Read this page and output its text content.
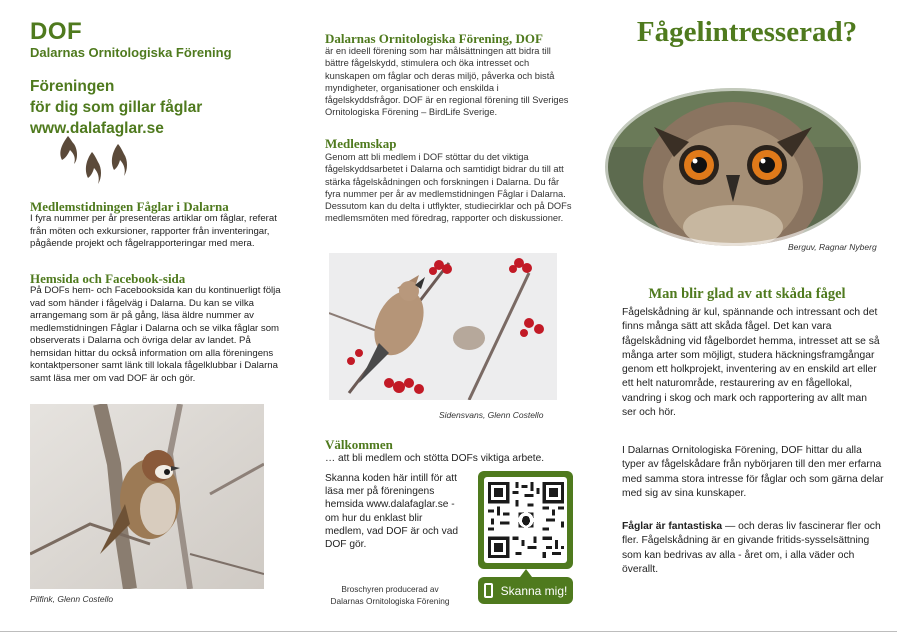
DOF
Dalarnas Ornitologiska Förening
Föreningen
för dig som gillar fåglar
www.dalafaglar.se
Medlemstidningen Fåglar i Dalarna
I fyra nummer per år presenteras artiklar om fåglar, referat från möten och exkursioner, rapporter från inventeringar, pågående projekt och fågelrapporteringar med mera.
Hemsida och Facebook-sida
På DOFs hem- och Facebooksida kan du kontinuerligt följa vad som händer i fågelväg i Dalarna. Du kan se vilka arrangemang som är på gång, läsa äldre nummer av medlemstidningen Fåglar i Dalarna och se vilka fåglar som observerats i Dalarna och övriga delar av landet. På hemsidan hittar du också information om alla föreningens kontaktpersoner samt länk till lokala fågelklubbar i Dalarna samt läsa mer om vad DOF är och gör.
Pilfink, Glenn Costello
Dalarnas Ornitologiska Förening, DOF
är en ideell förening som har målsättningen att bidra till bättre fågelskydd, stimulera och öka intresset och kunskapen om fåglar och deras miljö, påverka och bistå myndigheter, organisationer och enskilda i fågelskyddsfrågor. DOF är en regional förening till Sveriges Ornitologiska Förening – BirdLife Sverige.
Medlemskap
Genom att bli medlem i DOF stöttar du det viktiga fågelskyddsarbetet i Dalarna och samtidigt bidrar du till att stärka fågelskådningen och forskningen i Dalarna. Du får fyra nummer per år av medlemstidningen Fåglar i Dalarna. Dessutom kan du delta i utflykter, studiecirklar och på DOFs medlemsmöten med föredrag, rapporter och diskussioner.
Sidensvans, Glenn Costello
Välkommen
… att bli medlem och stötta DOFs viktiga arbete.
Skanna koden här intill för att läsa mer på föreningens hemsida www.dalafaglar.se - om hur du enklast blir medlem, vad DOF är och vad DOF gör.
Skanna mig!
Broschyren producerad av
Dalarnas Ornitologiska Förening
Fågelintresserad?
Berguv, Ragnar Nyberg
Man blir glad av att skåda fågel
Fågelskådning är kul, spännande och intressant och det finns många sätt att skåda fågel. Det kan vara fågelskådning vid fågelbordet hemma, intresset att se så många arter som möjligt, studera häckningsframgångar genom ett holkprojekt, inventering av en enskild art eller ett helt naturområde, restaurering av en fågellokal, vandring i skog och mark och rapportering av allt man ser och hör.
I Dalarnas Ornitologiska Förening, DOF hittar du alla typer av fågelskådare från nybörjaren till den mer erfarna med samma stora intresse för fåglar och som gärna delar med sig av sina kunskaper.
Fåglar är fantastiska — och deras liv fascinerar fler och fler. Fågelskådning är en givande fritids-sysselsättning som kan bedrivas av alla - året om, i alla väder och överallt.
